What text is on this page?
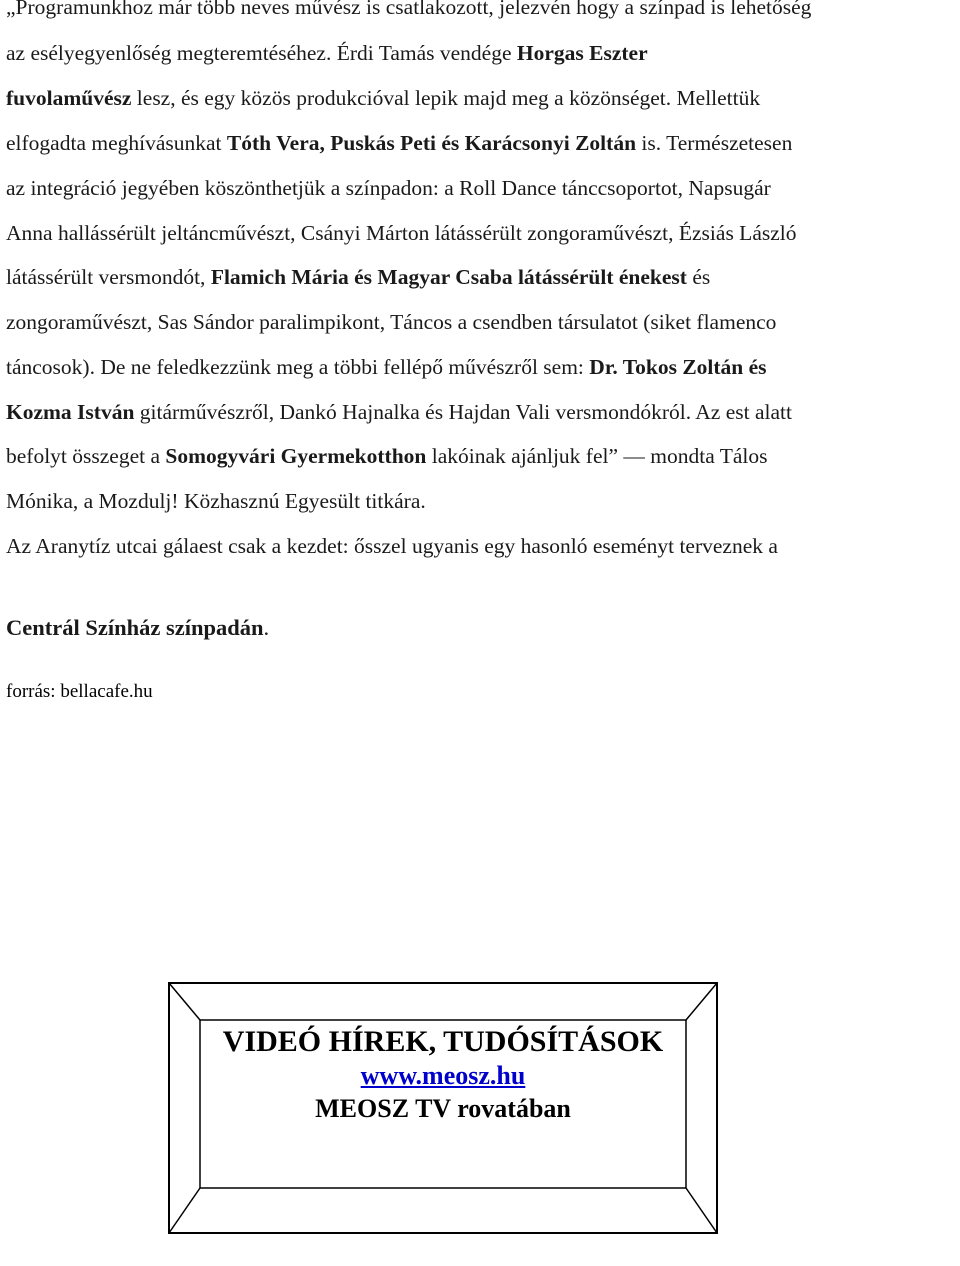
„Programunkhoz már több neves művész is csatlakozott, jelezvén hogy a színpad is lehetőség
az esélyegyenlőség megteremtéséhez. Érdi Tamás vendége Horgas Eszter
fuvolaművész lesz, és egy közös produkcióval lepik majd meg a közönséget. Mellettük
elfogadta meghívásunkat Tóth Vera, Puskás Peti és Karácsonyi Zoltán is. Természetesen
az integráció jegyében köszönthetjük a színpadon: a Roll Dance tánccsoportot, Napsugár
Anna hallássérült jeltáncművészt, Csányi Márton látássérült zongoraművészt, Ézsiás László
látássérült versmondót, Flamich Mária és Magyar Csaba látássérült énekest és
zongoraművészt, Sas Sándor paralimpikont, Táncos a csendben társulatot (siket flamenco
táncosok). De ne feledkezzünk meg a többi fellépő művészről sem: Dr. Tokos Zoltán és
Kozma István gitárművészről, Dankó Hajnalka és Hajdan Vali versmondókról. Az est alatt
befolyt összeget a Somogyvári Gyermekotthon lakóinak ajánljuk fel” — mondta Tálos
Mónika, a Mozdulj! Közhasznú Egyesült titkára.
Az Aranytíz utcai gálaest csak a kezdet: ősszel ugyanis egy hasonló eseményt terveznek a
Centrál Színház színpadán.
forrás: bellacafe.hu
VIDEÓ HÍREK, TUDÓSÍTÁSOK
www.meosz.hu
MEOSZ TV rovatában
